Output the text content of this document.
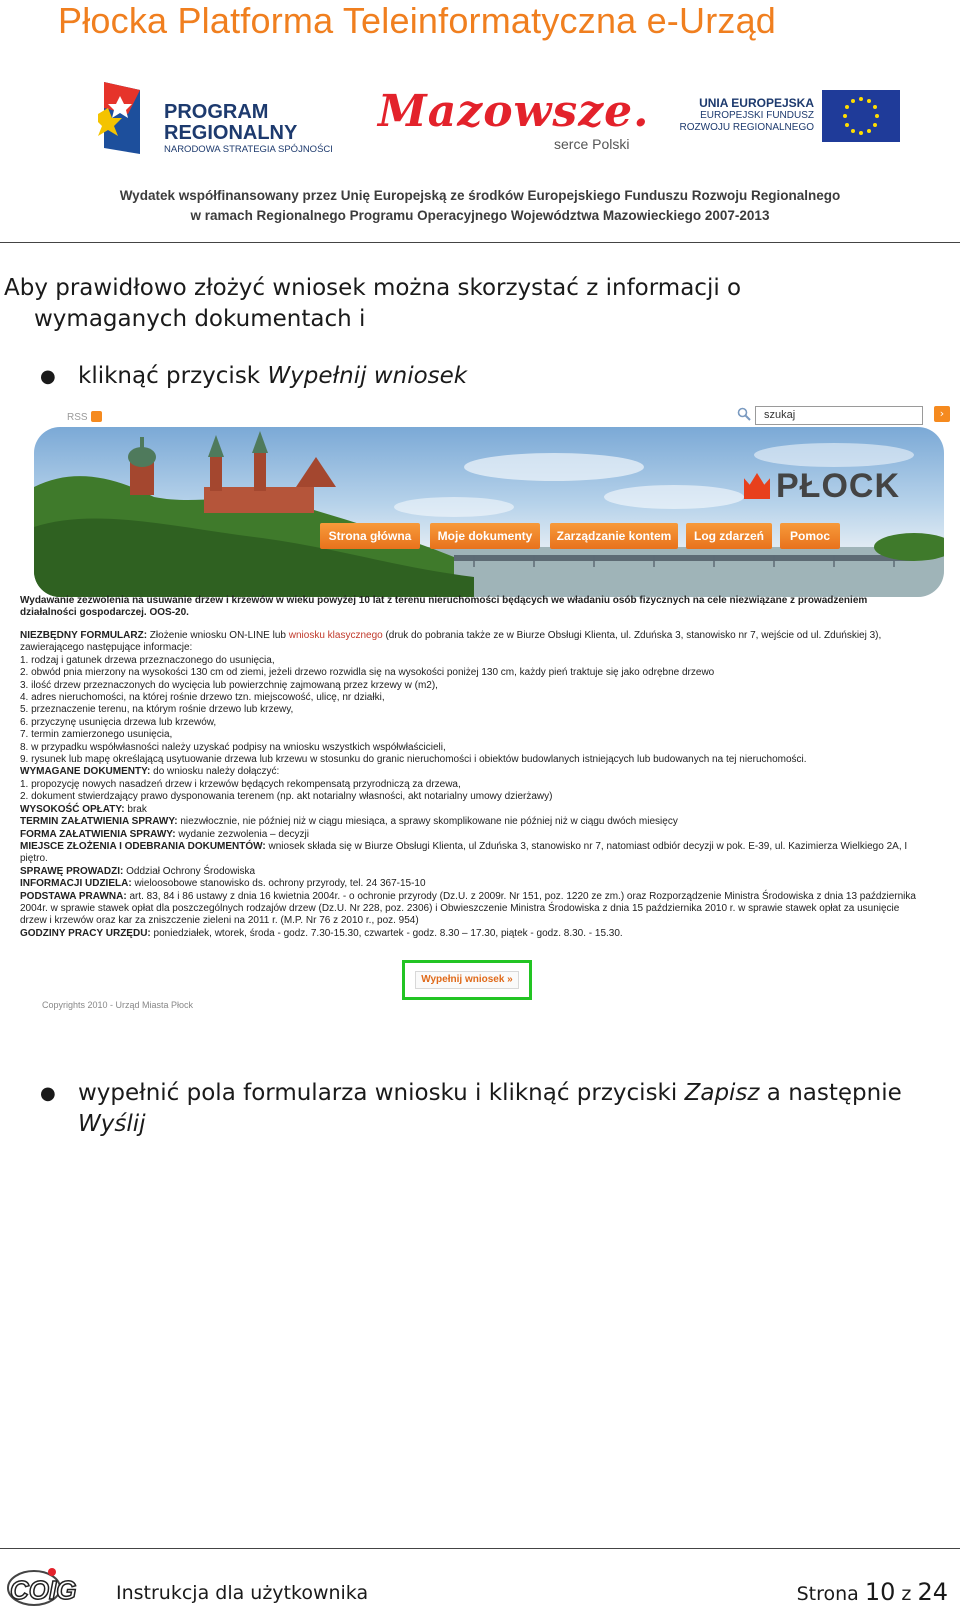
Płocka Platforma Teleinformatyczna e-Urząd
PROGRAM
REGIONALNY
NARODOWA STRATEGIA SPÓJNOŚCI
Mazowsze.
serce Polski
UNIA EUROPEJSKA
EUROPEJSKI FUNDUSZ
ROZWOJU REGIONALNEGO
Wydatek współfinansowany przez Unię Europejską ze środków Europejskiego Funduszu Rozwoju Regionalnego
w ramach Regionalnego Programu Operacyjnego Województwa Mazowieckiego 2007-2013
Aby prawidłowo złożyć wniosek można skorzystać z informacji o
wymaganych dokumentach i
● kliknąć przycisk Wypełnij wniosek
RSS	szukaj	›
PŁOCK
Strona główna	Moje dokumenty	Zarządzanie kontem	Log zdarzeń	Pomoc
Wydawanie zezwolenia na usuwanie drzew i krzewów w wieku powyżej 10 lat z terenu nieruchomości będących we władaniu osób fizycznych na cele niezwiązane z prowadzeniem działalności gospodarczej. OOS-20.
NIEZBĘDNY FORMULARZ: Złożenie wniosku ON-LINE lub wniosku klasycznego (druk do pobrania także ze w Biurze Obsługi Klienta, ul. Zduńska 3, stanowisko nr 7, wejście od ul. Zduńskiej 3), zawierającego następujące informacje:
1. rodzaj i gatunek drzewa przeznaczonego do usunięcia,
2. obwód pnia mierzony na wysokości 130 cm od ziemi, jeżeli drzewo rozwidla się na wysokości poniżej 130 cm, każdy pień traktuje się jako odrębne drzewo
3. ilość drzew przeznaczonych do wycięcia lub powierzchnię zajmowaną przez krzewy w (m2),
4. adres nieruchomości, na której rośnie drzewo tzn. miejscowość, ulicę, nr działki,
5. przeznaczenie terenu, na którym rośnie drzewo lub krzewy,
6. przyczynę usunięcia drzewa lub krzewów,
7. termin zamierzonego usunięcia,
8. w przypadku współwłasności należy uzyskać podpisy na wniosku wszystkich współwłaścicieli,
9. rysunek lub mapę określającą usytuowanie drzewa lub krzewu w stosunku do granic nieruchomości i obiektów budowlanych istniejących lub budowanych na tej nieruchomości.
WYMAGANE DOKUMENTY: do wniosku należy dołączyć:
1. propozycję nowych nasadzeń drzew i krzewów będących rekompensatą przyrodniczą za drzewa,
2. dokument stwierdzający prawo dysponowania terenem (np. akt notarialny własności, akt notarialny umowy dzierżawy)
WYSOKOŚĆ OPŁATY: brak
TERMIN ZAŁATWIENIA SPRAWY: niezwłocznie, nie później niż w ciągu miesiąca, a sprawy skomplikowane nie później niż w ciągu dwóch miesięcy
FORMA ZAŁATWIENIA SPRAWY: wydanie zezwolenia – decyzji
MIEJSCE ZŁOŻENIA I ODEBRANIA DOKUMENTÓW: wniosek składa się w Biurze Obsługi Klienta, ul Zduńska 3, stanowisko nr 7, natomiast odbiór decyzji w pok. E-39, ul. Kazimierza Wielkiego 2A, I piętro.
SPRAWĘ PROWADZI: Oddział Ochrony Środowiska
INFORMACJI UDZIELA: wieloosobowe stanowisko ds. ochrony przyrody, tel. 24 367-15-10
PODSTAWA PRAWNA: art. 83, 84 i 86 ustawy z dnia 16 kwietnia 2004r. - o ochronie przyrody (Dz.U. z 2009r. Nr 151, poz. 1220 ze zm.) oraz Rozporządzenie Ministra Środowiska z dnia 13 października 2004r. w sprawie stawek opłat dla poszczególnych rodzajów drzew (Dz.U. Nr 228, poz. 2306) i Obwieszczenie Ministra Środowiska z dnia 15 października 2010 r. w sprawie stawek opłat za usunięcie drzew i krzewów oraz kar za zniszczenie zieleni na 2011 r. (M.P. Nr 76 z 2010 r., poz. 954)
GODZINY PRACY URZĘDU: poniedziałek, wtorek, środa - godz. 7.30-15.30, czwartek - godz. 8.30 – 17.30, piątek - godz. 8.30. - 15.30.
Wypełnij wniosek »
Copyrights 2010 - Urząd Miasta Płock
● wypełnić pola formularza wniosku i kliknąć przyciski Zapisz a następnie Wyślij
COIG Instrukcja dla użytkownika	Strona 10 z 24
